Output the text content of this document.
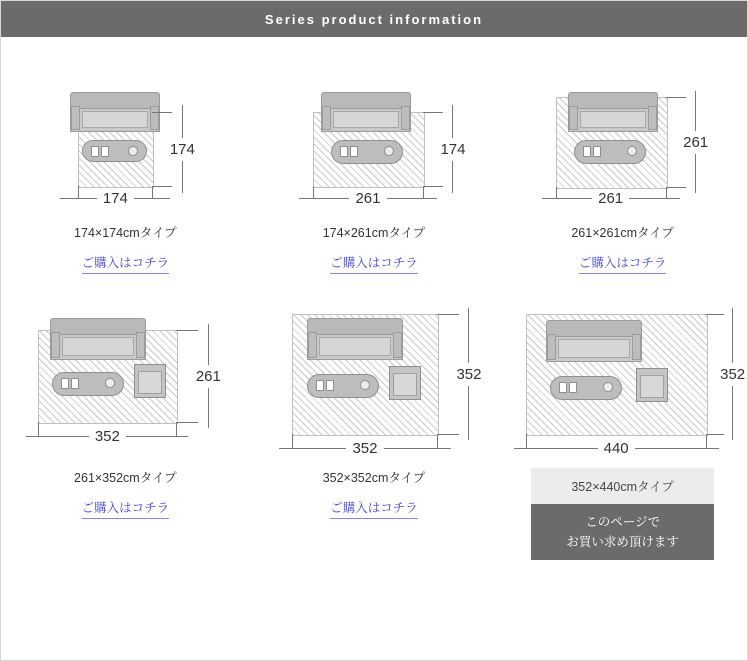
Series product information
174
174
174×174cmタイプ
ご購入はコチラ
261
174
174×261cmタイプ
ご購入はコチラ
261
261
261×261cmタイプ
ご購入はコチラ
352
261
261×352cmタイプ
ご購入はコチラ
352
352
352×352cmタイプ
ご購入はコチラ
440
352
352×440cmタイプ
このページで
お買い求め頂けます
